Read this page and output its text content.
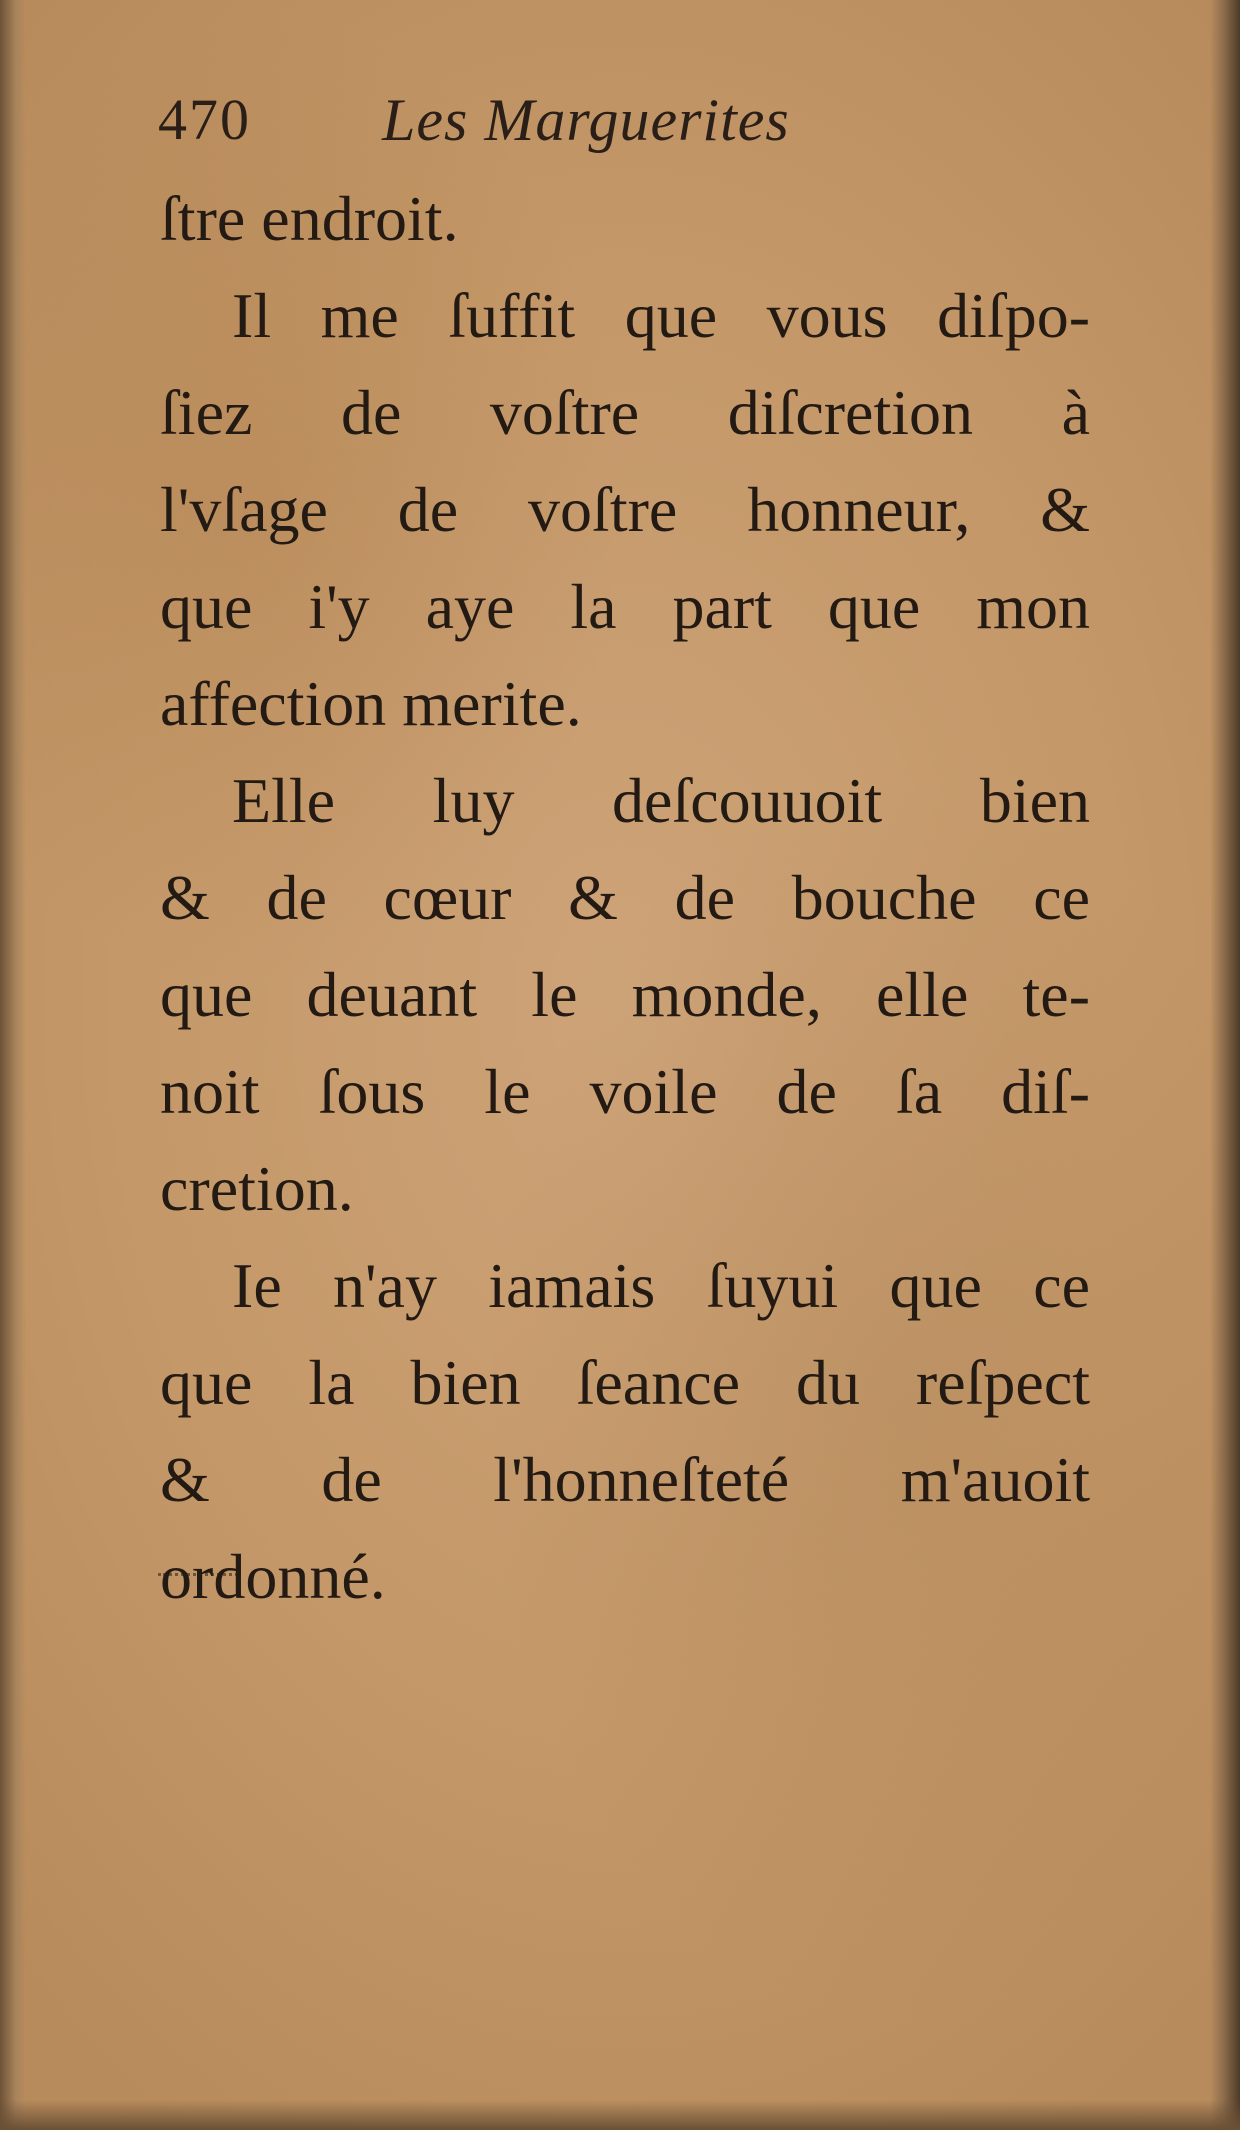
470 Les Marguerites
ſtre endroit.
Il me ſuffit que vous diſpo-
ſiez de voſtre diſcretion à
l'vſage de voſtre honneur, &
que i'y aye la part que mon
affection merite.
Elle luy deſcouuoit bien
& de cœur & de bouche ce
que deuant le monde, elle te-
noit ſous le voile de ſa diſ-
cretion.
Ie n'ay iamais ſuyui que ce
que la bien ſeance du reſpect
& de l'honneſteté m'auoit
ordonné.
